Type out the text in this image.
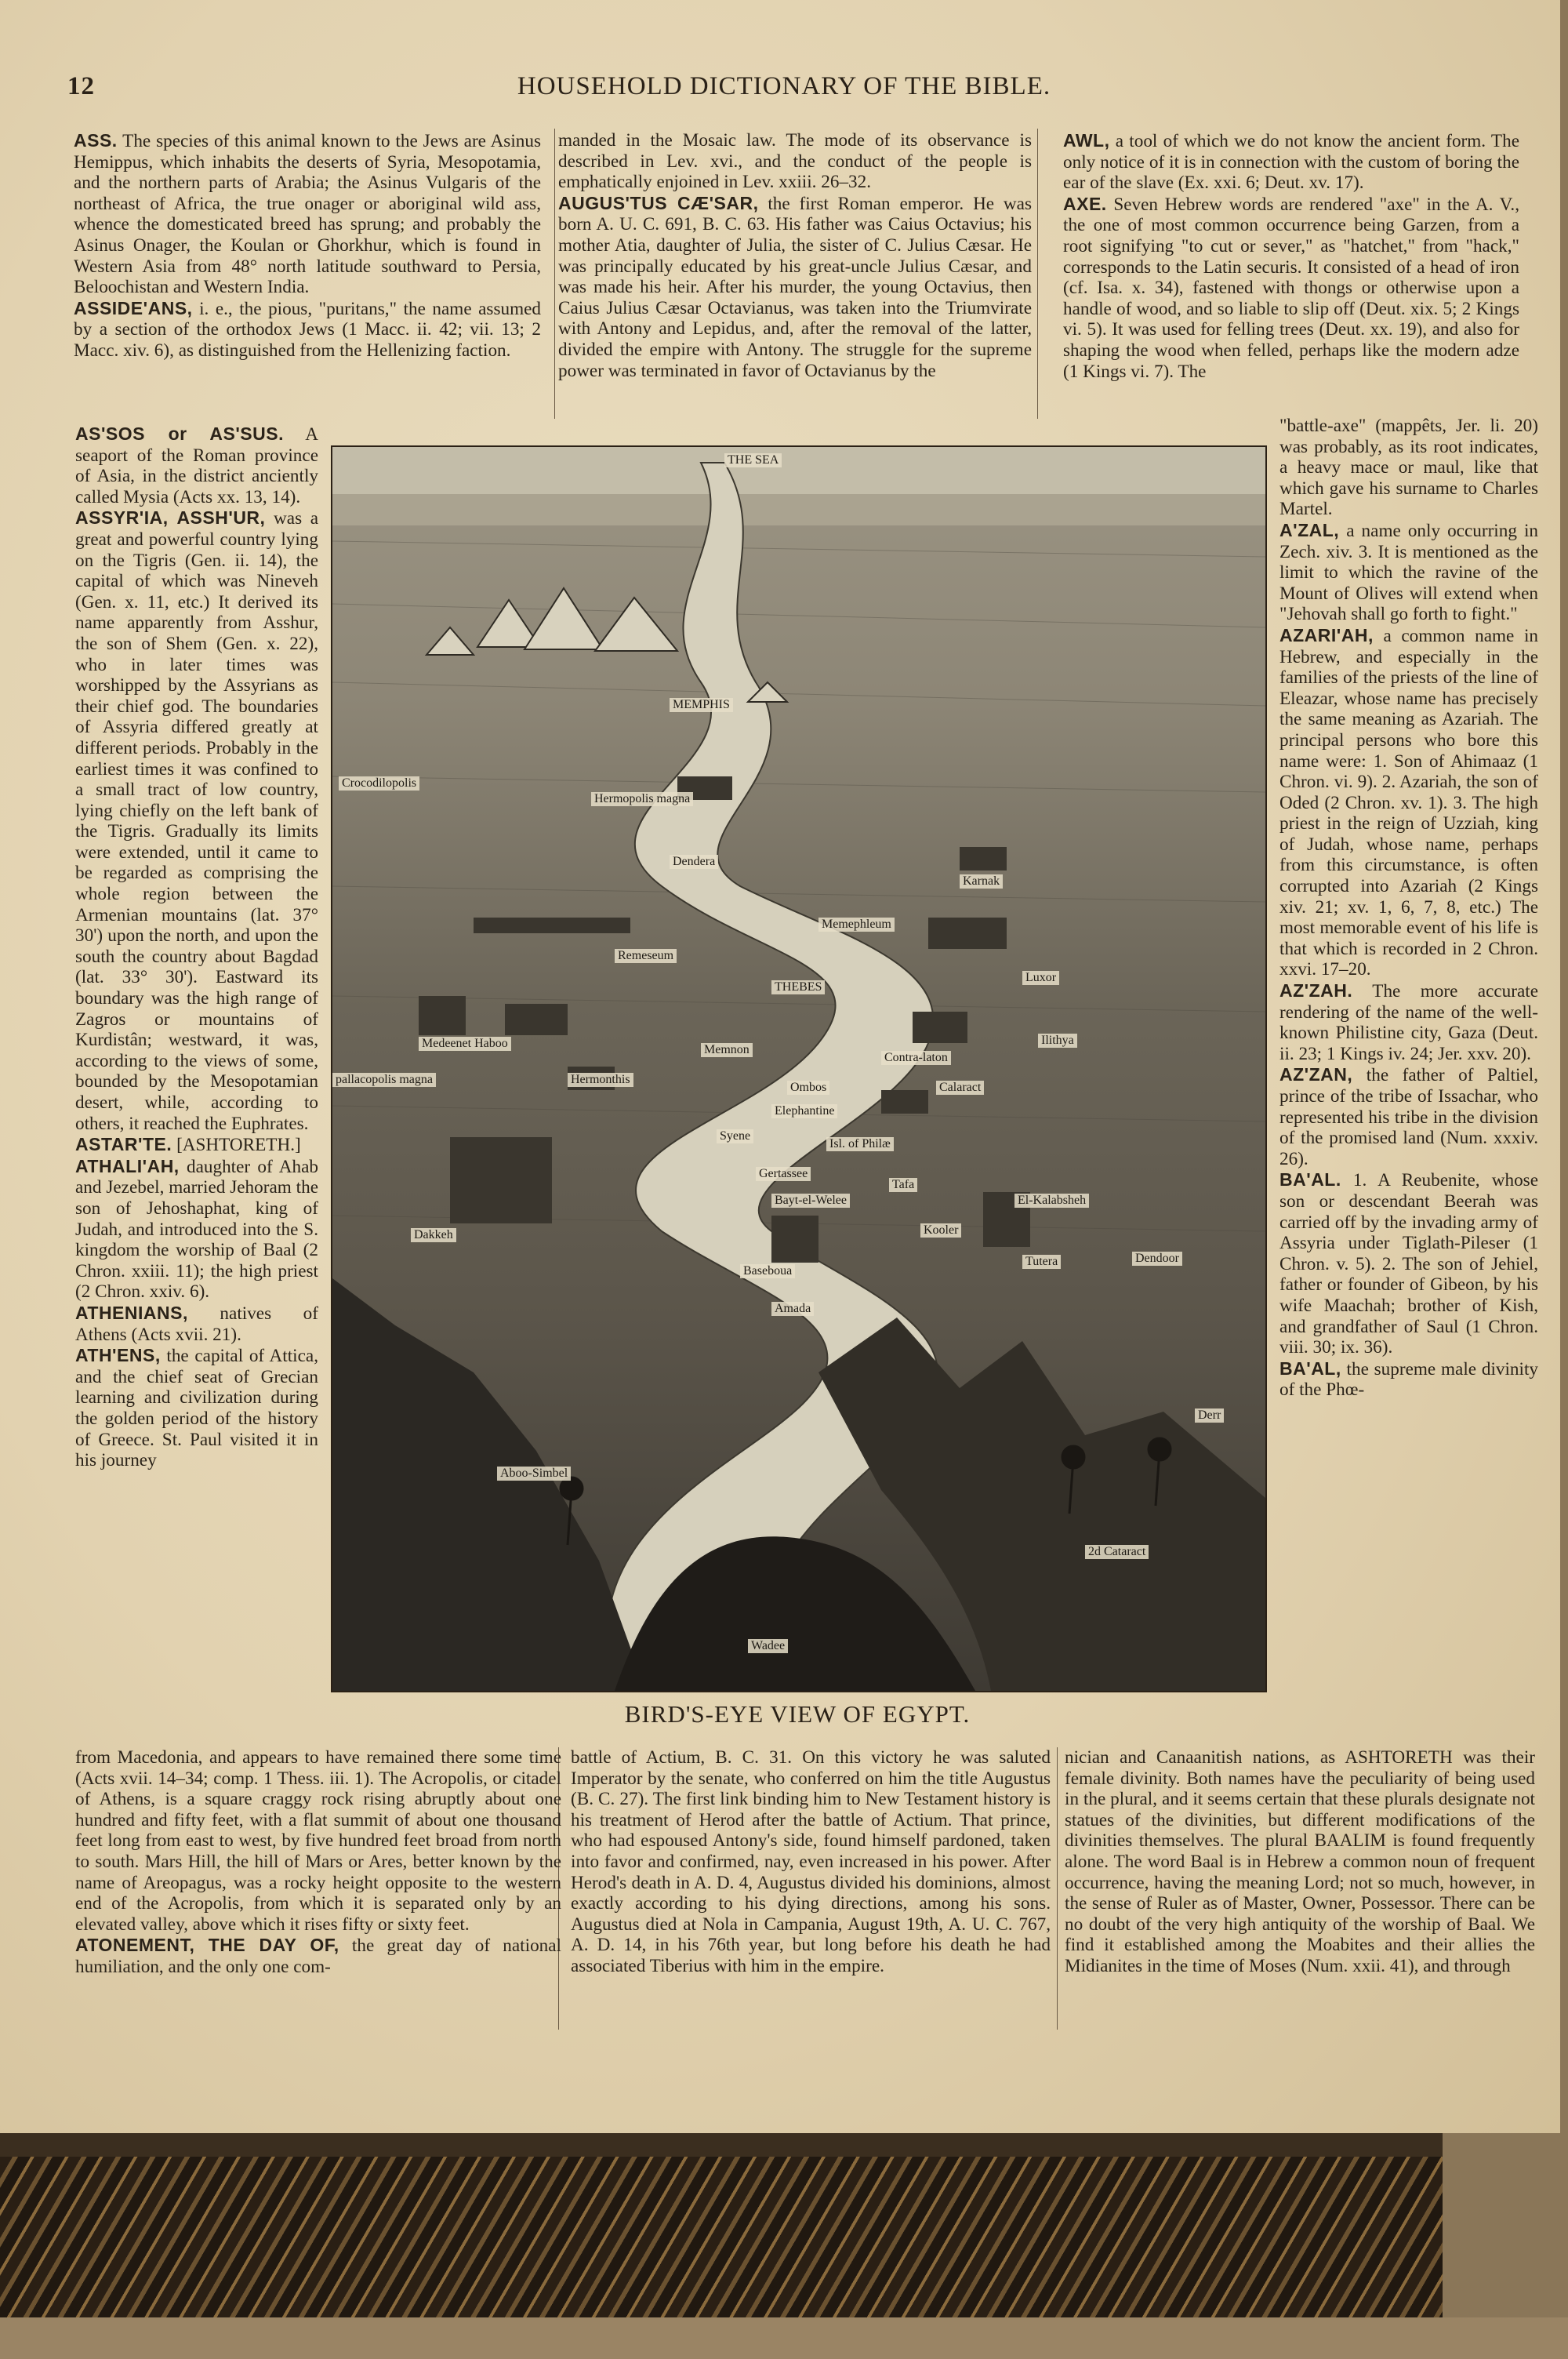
12	HOUSEHOLD DICTIONARY OF THE BIBLE.

ASS. The species of this animal known to the Jews are Asinus Hemippus, which inhabits the deserts of Syria, Mesopotamia, and the northern parts of Arabia; the Asinus Vulgaris of the northeast of Africa, the true onager or aboriginal wild ass, whence the domesticated breed has sprung; and probably the Asinus Onager, the Koulan or Ghorkhur, which is found in Western Asia from 48° north latitude southward to Persia, Beloochistan and Western India.

ASSIDE'ANS, i. e., the pious, "puritans," the name assumed by a section of the orthodox Jews (1 Macc. ii. 42; vii. 13; 2 Macc. xiv. 6), as distinguished from the Hellenizing faction.

manded in the Mosaic law. The mode of its observance is described in Lev. xvi., and the conduct of the people is emphatically enjoined in Lev. xxiii. 26–32.

AUGUS'TUS CÆ'SAR, the first Roman emperor. He was born A. U. C. 691, B. C. 63. His father was Caius Octavius; his mother Atia, daughter of Julia, the sister of C. Julius Cæsar. He was principally educated by his great-uncle Julius Cæsar, and was made his heir. After his murder, the young Octavius, then Caius Julius Cæsar Octavianus, was taken into the Triumvirate with Antony and Lepidus, and, after the removal of the latter, divided the empire with Antony. The struggle for the supreme power was terminated in favor of Octavianus by the

AWL, a tool of which we do not know the ancient form. The only notice of it is in connection with the custom of boring the ear of the slave (Ex. xxi. 6; Deut. xv. 17).

AXE. Seven Hebrew words are rendered "axe" in the A. V., the one of most common occurrence being Garzen, from a root signifying "to cut or sever," as "hatchet," from "hack," corresponds to the Latin securis. It consisted of a head of iron (cf. Isa. x. 34), fastened with thongs or otherwise upon a handle of wood, and so liable to slip off (Deut. xix. 5; 2 Kings vi. 5). It was used for felling trees (Deut. xx. 19), and also for shaping the wood when felled, perhaps like the modern adze (1 Kings vi. 7). The

AS'SOS or AS'SUS. A seaport of the Roman province of Asia, in the district anciently called Mysia (Acts xx. 13, 14).

ASSYR'IA, ASSH'UR, was a great and powerful country lying on the Tigris (Gen. ii. 14), the capital of which was Nineveh (Gen. x. 11, etc.) It derived its name apparently from Asshur, the son of Shem (Gen. x. 22), who in later times was worshipped by the Assyrians as their chief god. The boundaries of Assyria differed greatly at different periods. Probably in the earliest times it was confined to a small tract of low country, lying chiefly on the left bank of the Tigris. Gradually its limits were extended, until it came to be regarded as comprising the whole region between the Armenian mountains (lat. 37° 30') upon the north, and upon the south the country about Bagdad (lat. 33° 30'). Eastward its boundary was the high range of Zagros or mountains of Kurdistân; westward, it was, according to the views of some, bounded by the Mesopotamian desert, while, according to others, it reached the Euphrates.

ASTAR'TE. [ASHTORETH.]

ATHALI'AH, daughter of Ahab and Jezebel, married Jehoram the son of Jehoshaphat, king of Judah, and introduced into the S. kingdom the worship of Baal (2 Chron. xxiii. 11); the high priest (2 Chron. xxiv. 6).

ATHENIANS, natives of Athens (Acts xvii. 21).

ATH'ENS, the capital of Attica, and the chief seat of Grecian learning and civilization during the golden period of the history of Greece. St. Paul visited it in his journey

"battle-axe" (mappêts, Jer. li. 20) was probably, as its root indicates, a heavy mace or maul, like that which gave his surname to Charles Martel.

A'ZAL, a name only occurring in Zech. xiv. 3. It is mentioned as the limit to which the ravine of the Mount of Olives will extend when "Jehovah shall go forth to fight."

AZARI'AH, a common name in Hebrew, and especially in the families of the priests of the line of Eleazar, whose name has precisely the same meaning as Azariah. The principal persons who bore this name were: 1. Son of Ahimaaz (1 Chron. vi. 9). 2. Azariah, the son of Oded (2 Chron. xv. 1). 3. The high priest in the reign of Uzziah, king of Judah, whose name, perhaps from this circumstance, is often corrupted into Azariah (2 Kings xiv. 21; xv. 1, 6, 7, 8, etc.) The most memorable event of his life is that which is recorded in 2 Chron. xxvi. 17–20.

AZ'ZAH. The more accurate rendering of the name of the well-known Philistine city, Gaza (Deut. ii. 23; 1 Kings iv. 24; Jer. xxv. 20).

AZ'ZAN, the father of Paltiel, prince of the tribe of Issachar, who represented his tribe in the division of the promised land (Num. xxxiv. 26).

BA'AL. 1. A Reubenite, whose son or descendant Beerah was carried off by the invading army of Assyria under Tiglath-Pileser (1 Chron. v. 5). 2. The son of Jehiel, father or founder of Gibeon, by his wife Maachah; brother of Kish, and grandfather of Saul (1 Chron. viii. 30; ix. 36).

BA'AL, the supreme male divinity of the Phœ-

from Macedonia, and appears to have remained there some time (Acts xvii. 14–34; comp. 1 Thess. iii. 1). The Acropolis, or citadel of Athens, is a square craggy rock rising abruptly about one hundred and fifty feet, with a flat summit of about one thousand feet long from east to west, by five hundred feet broad from north to south. Mars Hill, the hill of Mars or Ares, better known by the name of Areopagus, was a rocky height opposite to the western end of the Acropolis, from which it is separated only by an elevated valley, above which it rises fifty or sixty feet.

ATONEMENT, THE DAY OF, the great day of national humiliation, and the only one com-

battle of Actium, B. C. 31. On this victory he was saluted Imperator by the senate, who conferred on him the title Augustus (B. C. 27). The first link binding him to New Testament history is his treatment of Herod after the battle of Actium. That prince, who had espoused Antony's side, found himself pardoned, taken into favor and confirmed, nay, even increased in his power. After Herod's death in A. D. 4, Augustus divided his dominions, almost exactly according to his dying directions, among his sons. Augustus died at Nola in Campania, August 19th, A. U. C. 767, A. D. 14, in his 76th year, but long before his death he had associated Tiberius with him in the empire.

nician and Canaanitish nations, as ASHTORETH was their female divinity. Both names have the peculiarity of being used in the plural, and it seems certain that these plurals designate not statues of the divinities, but different modifications of the divinities themselves. The plural BAALIM is found frequently alone. The word Baal is in Hebrew a common noun of frequent occurrence, having the meaning Lord; not so much, however, in the sense of Ruler as of Master, Owner, Possessor. There can be no doubt of the very high antiquity of the worship of Baal. We find it established among the Moabites and their allies the Midianites in the time of Moses (Num. xxii. 41), and through

THE SEA
MEMPHIS
Crocodilopolis
Hermopolis magna
Dendera
Karnak
Memephleum
Remeseum
THEBES
Luxor
Medeenet Haboo	Memnon
Ilithya
Contra-laton
pallacopolis magna	Hermonthis
Ombos	Calaract
Elephantine
Syene
Isl. of Philæ
Gertassee
Tafa
Bayt-el-Welee	El-Kalabsheh
Dakkeh	Kooler
Tutera	Dendoor
Baseboua
Amada
Derr
Aboo-Simbel
2d Cataract
Wadee
BIRD'S-EYE VIEW OF EGYPT.
